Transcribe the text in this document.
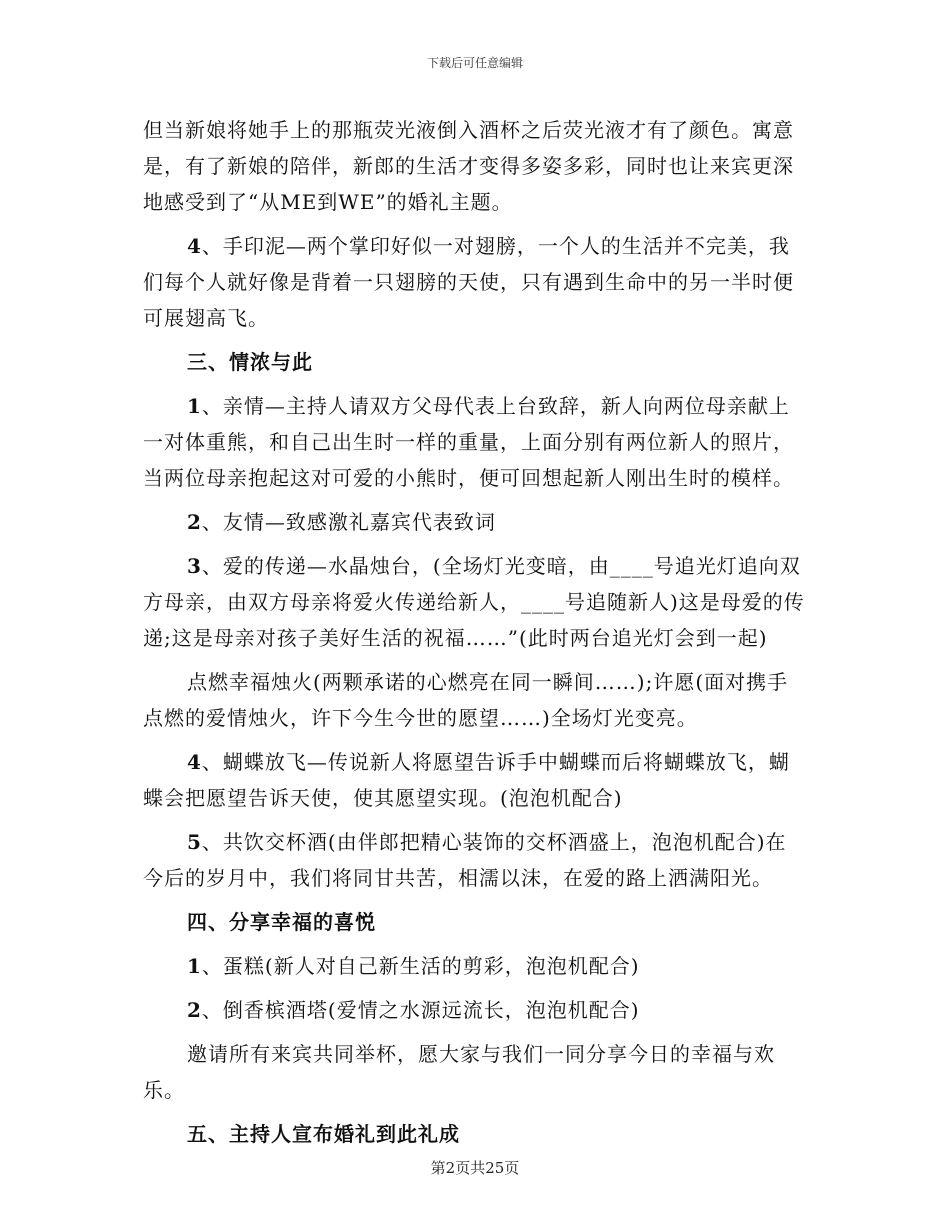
下载后可任意编辑

但当新娘将她手上的那瓶荧光液倒入酒杯之后荧光液才有了颜色。寓意是，有了新娘的陪伴，新郎的生活才变得多姿多彩，同时也让来宾更深地感受到了“从ME到WE”的婚礼主题。

4、手印泥—两个掌印好似一对翅膀，一个人的生活并不完美，我们每个人就好像是背着一只翅膀的天使，只有遇到生命中的另一半时便可展翅高飞。

三、情浓与此

1、亲情—主持人请双方父母代表上台致辞，新人向两位母亲献上一对体重熊，和自己出生时一样的重量，上面分别有两位新人的照片，当两位母亲抱起这对可爱的小熊时，便可回想起新人刚出生时的模样。

2、友情—致感激礼嘉宾代表致词

3、爱的传递—水晶烛台，(全场灯光变暗，由____号追光灯追向双方母亲，由双方母亲将爱火传递给新人，____号追随新人)这是母爱的传递;这是母亲对孩子美好生活的祝福……”(此时两台追光灯会到一起)

点燃幸福烛火(两颗承诺的心燃亮在同一瞬间……);许愿(面对携手点燃的爱情烛火，许下今生今世的愿望……)全场灯光变亮。

4、蝴蝶放飞—传说新人将愿望告诉手中蝴蝶而后将蝴蝶放飞，蝴蝶会把愿望告诉天使，使其愿望实现。(泡泡机配合)

5、共饮交杯酒(由伴郎把精心装饰的交杯酒盛上，泡泡机配合)在今后的岁月中，我们将同甘共苦，相濡以沫，在爱的路上洒满阳光。

四、分享幸福的喜悦

1、蛋糕(新人对自己新生活的剪彩，泡泡机配合)

2、倒香槟酒塔(爱情之水源远流长，泡泡机配合)

邀请所有来宾共同举杯，愿大家与我们一同分享今日的幸福与欢乐。

五、主持人宣布婚礼到此礼成

第2页共25页
